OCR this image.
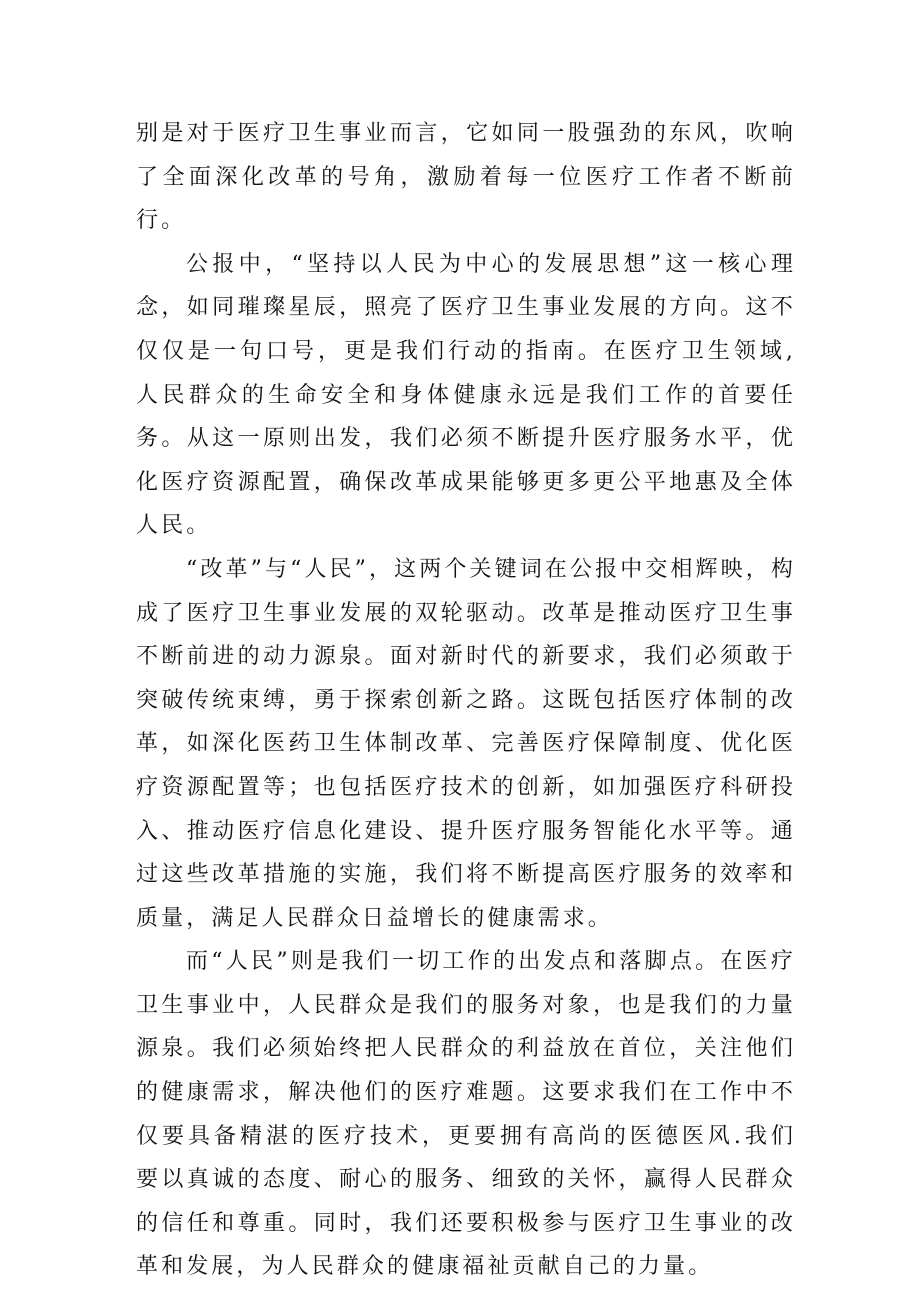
别是对于医疗卫生事业而言，它如同一股强劲的东风，吹响了全面深化改革的号角，激励着每一位医疗工作者不断前行。

公报中，“坚持以人民为中心的发展思想”这一核心理念，如同璀璨星辰，照亮了医疗卫生事业发展的方向。这不仅仅是一句口号，更是我们行动的指南。在医疗卫生领域,人民群众的生命安全和身体健康永远是我们工作的首要任务。从这一原则出发，我们必须不断提升医疗服务水平，优化医疗资源配置，确保改革成果能够更多更公平地惠及全体人民。

“改革”与“人民”，这两个关键词在公报中交相辉映，构成了医疗卫生事业发展的双轮驱动。改革是推动医疗卫生事不断前进的动力源泉。面对新时代的新要求，我们必须敢于突破传统束缚，勇于探索创新之路。这既包括医疗体制的改革，如深化医药卫生体制改革、完善医疗保障制度、优化医疗资源配置等；也包括医疗技术的创新，如加强医疗科研投入、推动医疗信息化建设、提升医疗服务智能化水平等。通过这些改革措施的实施，我们将不断提高医疗服务的效率和质量，满足人民群众日益增长的健康需求。

而“人民”则是我们一切工作的出发点和落脚点。在医疗卫生事业中，人民群众是我们的服务对象，也是我们的力量源泉。我们必须始终把人民群众的利益放在首位，关注他们的健康需求，解决他们的医疗难题。这要求我们在工作中不仅要具备精湛的医疗技术，更要拥有高尚的医德医风.我们要以真诚的态度、耐心的服务、细致的关怀，赢得人民群众的信任和尊重。同时，我们还要积极参与医疗卫生事业的改革和发展，为人民群众的健康福祉贡献自己的力量。
